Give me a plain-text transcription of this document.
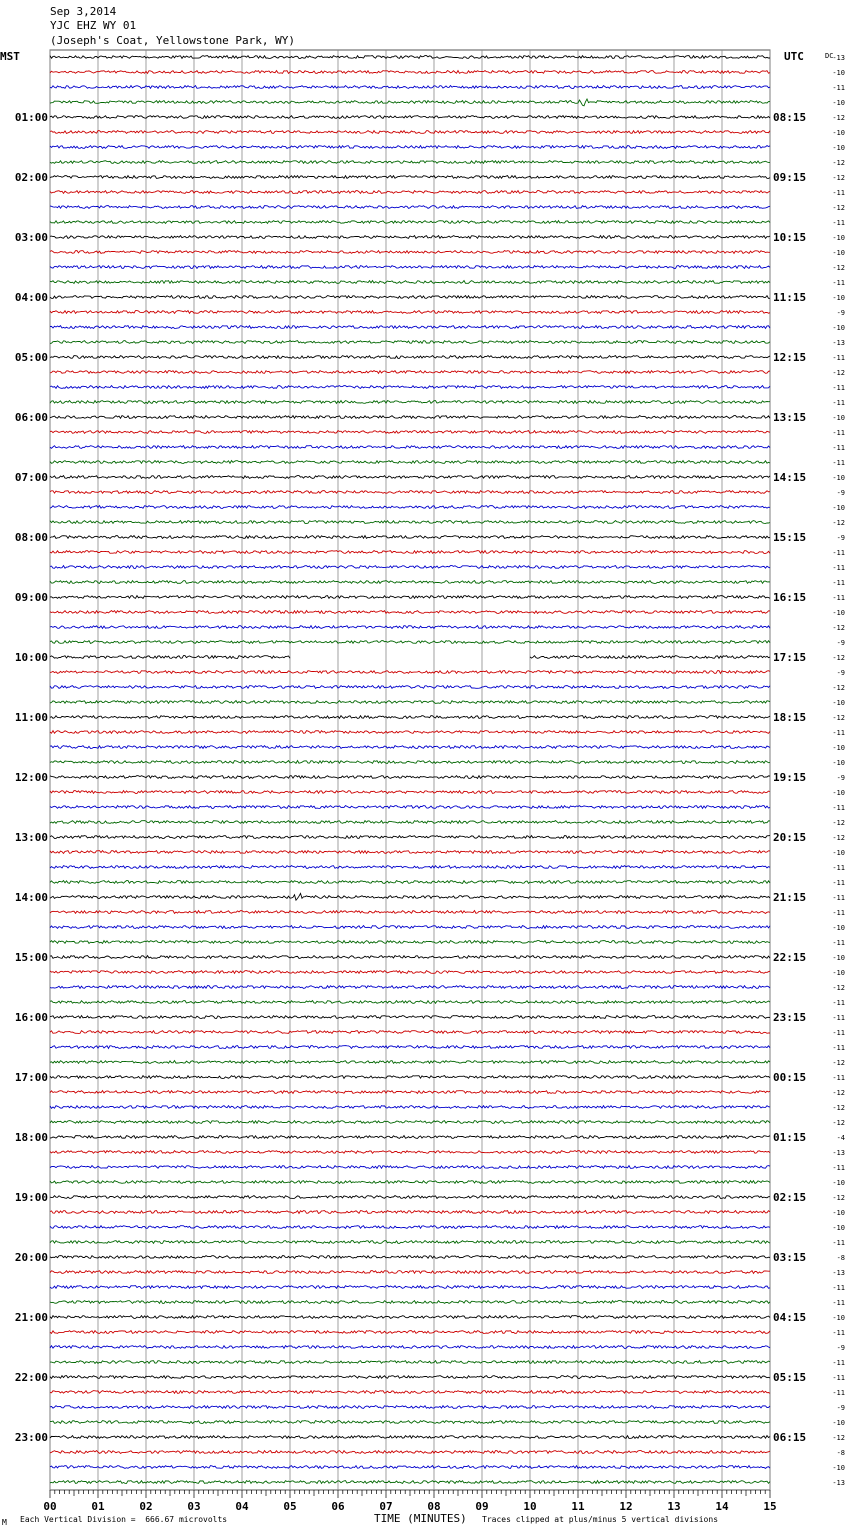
Sep 3,2014
YJC EHZ WY 01
(Joseph's Coat, Yellowstone Park, WY)
MST	UTC	-13
-10
-11
-10
-12
-10
-10
-12
-12
-11
-12
-11
-10
-10
-12
-11
-10
-9
-10
-13
-11
-12
-11
-11
-10
-11
-11
-11
-10
-9
-10
-12
-9
-11
-11
-11
-11
-10
-12
-9
-12
-9
-12
-10
-12
-11
-10
-10
-9
-10
-11
-12
-12
-10
-11
-11
-11
-11
-10
-11
-10
-10
-12
-11
-11
-11
-11
-12
-11
-12
-12
-12
-4
-13
-11
-10
-12
-10
-10
-11
-8
-13
-11
-11
-10
-11
-9
-11
-11
-11
-9
-10
-12
-8
-10
-13
01:00
02:00
03:00
04:00
05:00
06:00
07:00
08:00
09:00
10:00
11:00
12:00
13:00
14:00
15:00
16:00
17:00
18:00
19:00
20:00
21:00
22:00
23:00
08:15
09:15
10:15
11:15
12:15
13:15
14:15
15:15
16:15
17:15
18:15
19:15
20:15
21:15
22:15
23:15
00:15
01:15
02:15
03:15
04:15
05:15
06:15
DC
00	01	02	03	04	05	06	07	08	09	10	11	12	13	14	15
M Each Vertical Division =  666.67 microvolts	TIME (MINUTES) Traces clipped at plus/minus 5 vertical divisions
